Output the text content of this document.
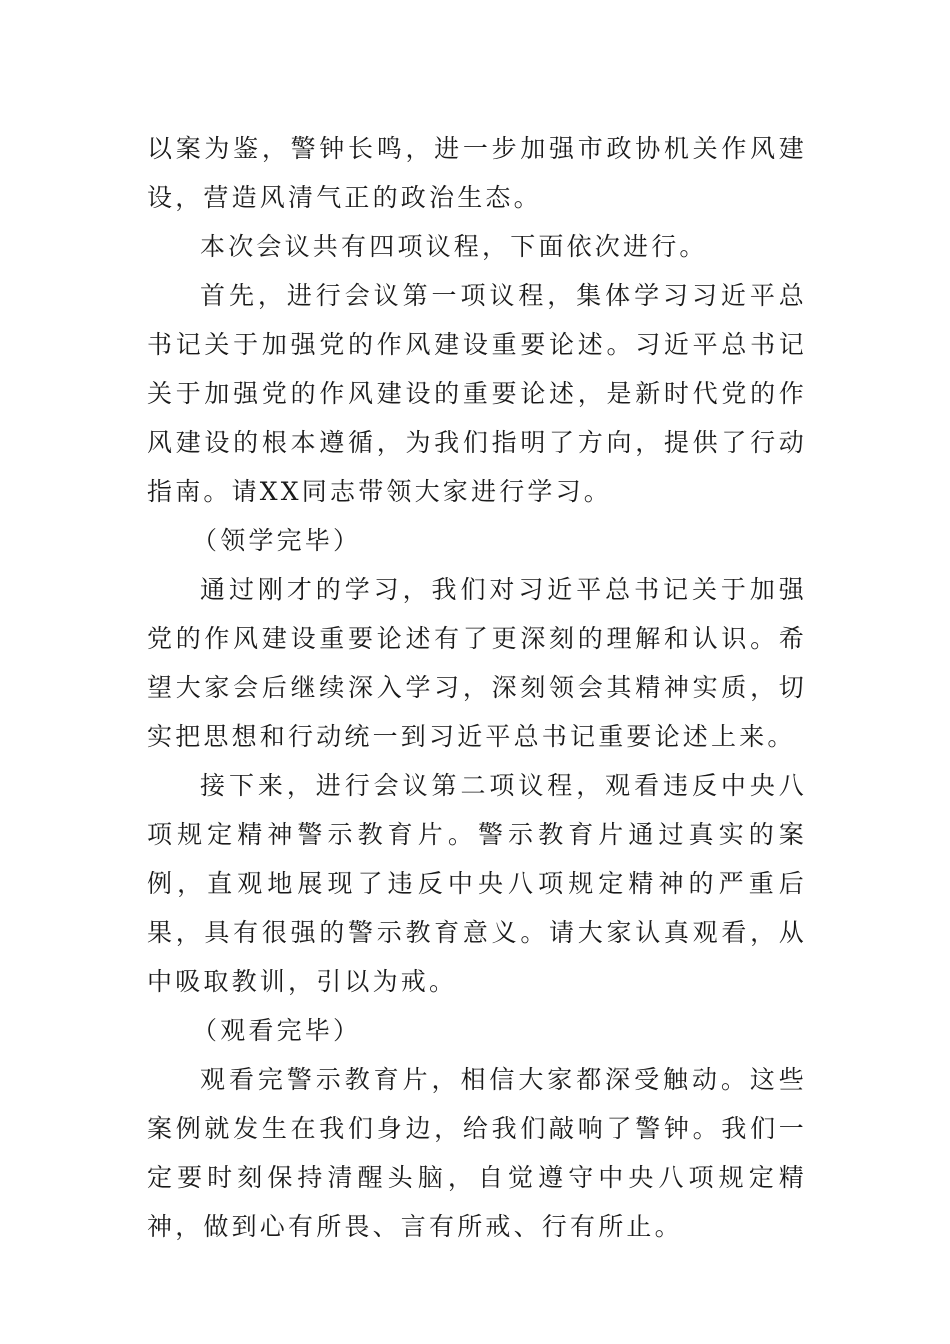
以案为鉴，警钟长鸣，进一步加强市政协机关作风建设，营造风清气正的政治生态。

本次会议共有四项议程，下面依次进行。

首先，进行会议第一项议程，集体学习习近平总书记关于加强党的作风建设重要论述。习近平总书记关于加强党的作风建设的重要论述，是新时代党的作风建设的根本遵循，为我们指明了方向，提供了行动指南。请XX同志带领大家进行学习。

（领学完毕）

通过刚才的学习，我们对习近平总书记关于加强党的作风建设重要论述有了更深刻的理解和认识。希望大家会后继续深入学习，深刻领会其精神实质，切实把思想和行动统一到习近平总书记重要论述上来。

接下来，进行会议第二项议程，观看违反中央八项规定精神警示教育片。警示教育片通过真实的案例，直观地展现了违反中央八项规定精神的严重后果，具有很强的警示教育意义。请大家认真观看，从中吸取教训，引以为戒。

（观看完毕）

观看完警示教育片，相信大家都深受触动。这些案例就发生在我们身边，给我们敲响了警钟。我们一定要时刻保持清醒头脑，自觉遵守中央八项规定精神，做到心有所畏、言有所戒、行有所止。
